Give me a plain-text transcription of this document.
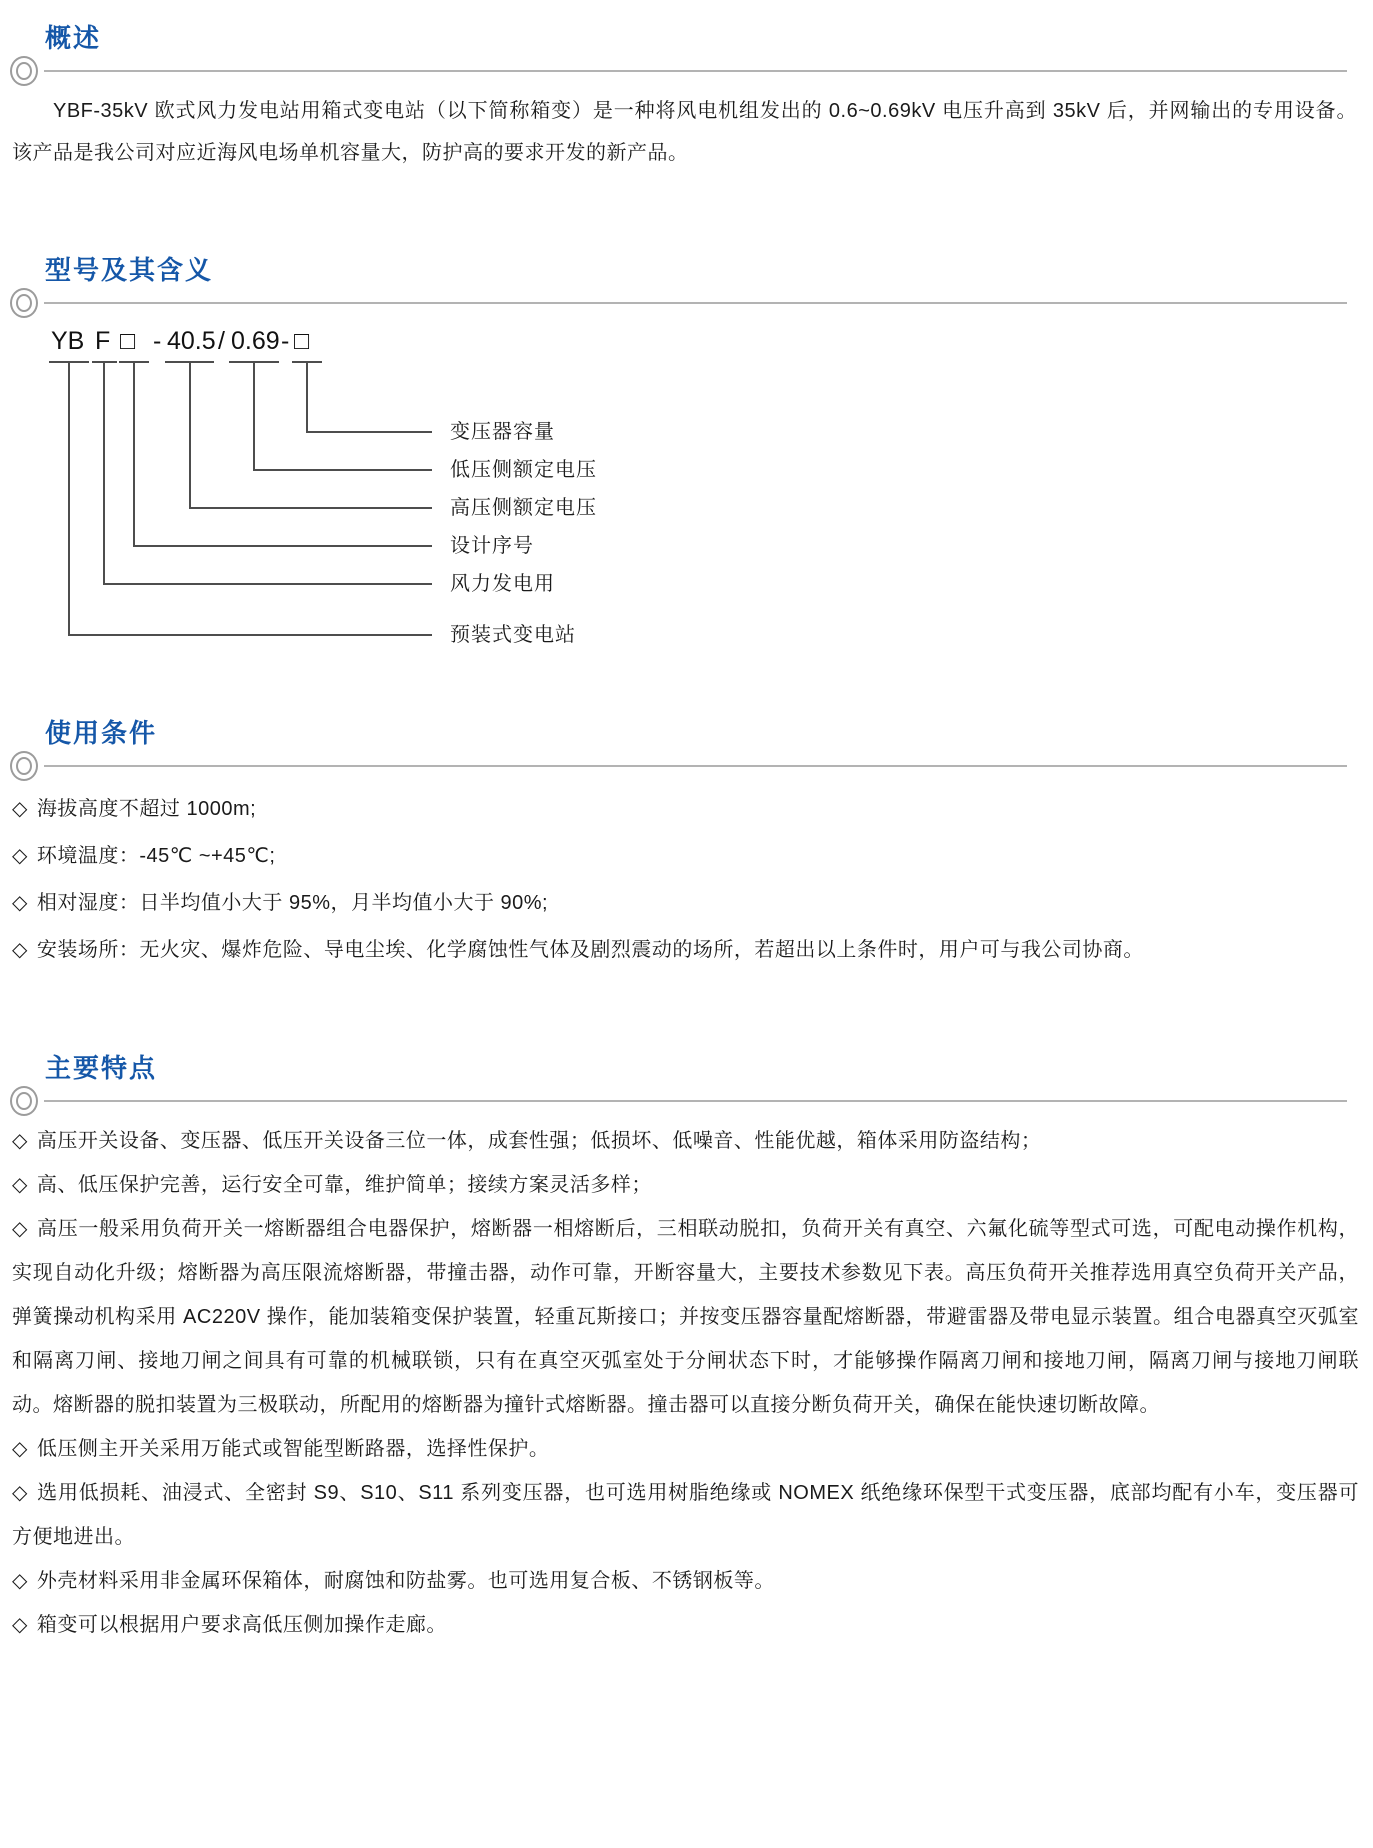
概述

YBF-35kV 欧式风力发电站用箱式变电站（以下简称箱变）是一种将风电机组发出的 0.6~0.69kV 电压升高到 35kV 后，并网输出的专用设备。该产品是我公司对应近海风电场单机容量大，防护高的要求开发的新产品。

型号及其含义
YB F □ - 40.5 / 0.69 - □
变压器容量
低压侧额定电压
高压侧额定电压
设计序号
风力发电用
预装式变电站
使用条件
◇ 海拔高度不超过 1000m;
◇ 环境温度：-45℃ ~+45℃;
◇ 相对湿度：日半均值小大于 95%，月半均值小大于 90%;
◇ 安装场所：无火灾、爆炸危险、导电尘埃、化学腐蚀性气体及剧烈震动的场所，若超出以上条件时，用户可与我公司协商。
主要特点

◇ 高压开关设备、变压器、低压开关设备三位一体，成套性强；低损坏、低噪音、性能优越，箱体采用防盗结构；

◇ 高、低压保护完善，运行安全可靠，维护简单；接续方案灵活多样；

◇ 高压一般采用负荷开关一熔断器组合电器保护，熔断器一相熔断后，三相联动脱扣，负荷开关有真空、六氟化硫等型式可选，可配电动操作机构，实现自动化升级；熔断器为高压限流熔断器，带撞击器，动作可靠，开断容量大，主要技术参数见下表。高压负荷开关推荐选用真空负荷开关产品，弹簧操动机构采用 AC220V 操作，能加装箱变保护装置，轻重瓦斯接口；并按变压器容量配熔断器，带避雷器及带电显示装置。组合电器真空灭弧室和隔离刀闸、接地刀闸之间具有可靠的机械联锁，只有在真空灭弧室处于分闸状态下时，才能够操作隔离刀闸和接地刀闸，隔离刀闸与接地刀闸联动。熔断器的脱扣装置为三极联动，所配用的熔断器为撞针式熔断器。撞击器可以直接分断负荷开关，确保在能快速切断故障。

◇ 低压侧主开关采用万能式或智能型断路器，选择性保护。

◇ 选用低损耗、油浸式、全密封 S9、S10、S11 系列变压器，也可选用树脂绝缘或 NOMEX 纸绝缘环保型干式变压器，底部均配有小车，变压器可方便地进出。

◇ 外壳材料采用非金属环保箱体，耐腐蚀和防盐雾。也可选用复合板、不锈钢板等。

◇ 箱变可以根据用户要求高低压侧加操作走廊。
